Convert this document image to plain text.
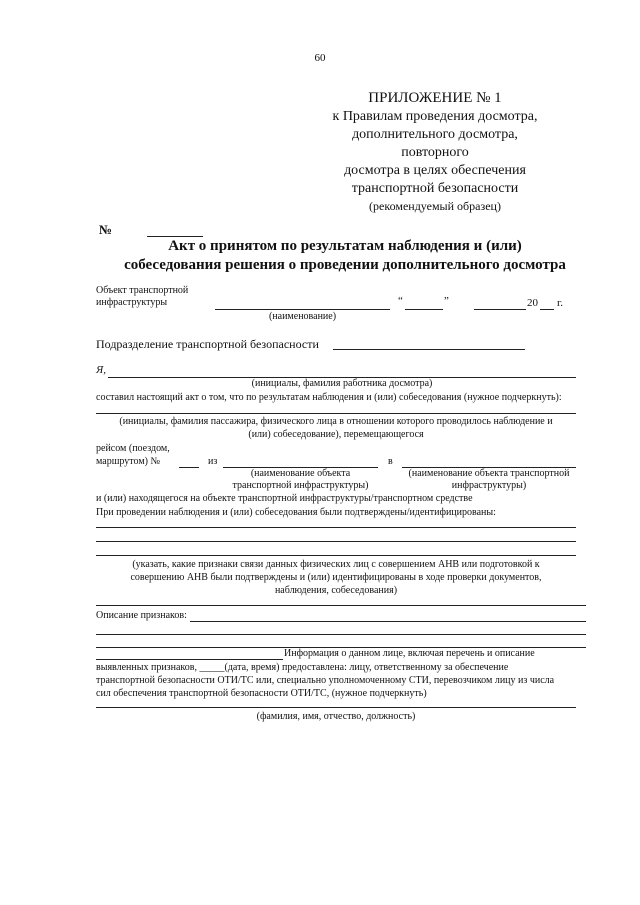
60
ПРИЛОЖЕНИЕ № 1
к Правилам проведения досмотра,
дополнительного досмотра,
повторного
досмотра в целях обеспечения
транспортной безопасности
(рекомендуемый образец)
№
Акт о принятом по результатам наблюдения и (или)
собеседования решения о проведении дополнительного досмотра
Объект транспортной
инфраструктуры	“	”	20 г.
(наименование)
Подразделение транспортной безопасности
Я,
(инициалы, фамилия работника досмотра)
составил настоящий акт о том, что по результатам наблюдения и (или) собеседования (нужное подчеркнуть):
(инициалы, фамилия пассажира, физического лица в отношении которого проводилось наблюдение и
(или) собеседование), перемещающегося
рейсом (поездом,
маршрутом) №	из	в
(наименование объекта
транспортной инфраструктуры)
(наименование объекта транспортной
инфраструктуры)
и (или) находящегося на объекте транспортной инфраструктуры/транспортном средстве
При проведении наблюдения и (или) собеседования были подтверждены/идентифицированы:
(указать, какие признаки связи данных физических лиц с совершением АНВ или подготовкой к
совершению АНВ были подтверждены и (или) идентифицированы в ходе проверки документов,
наблюдения, собеседования)
Описание признаков:
Информация о данном лице, включая перечень и описание
выявленных признаков, _____(дата, время) предоставлена: лицу, ответственному за обеспечение
транспортной безопасности ОТИ/ТС или, специально уполномоченному СТИ, перевозчиком лицу из числа
сил обеспечения транспортной безопасности ОТИ/ТС, (нужное подчеркнуть)
(фамилия, имя, отчество, должность)
